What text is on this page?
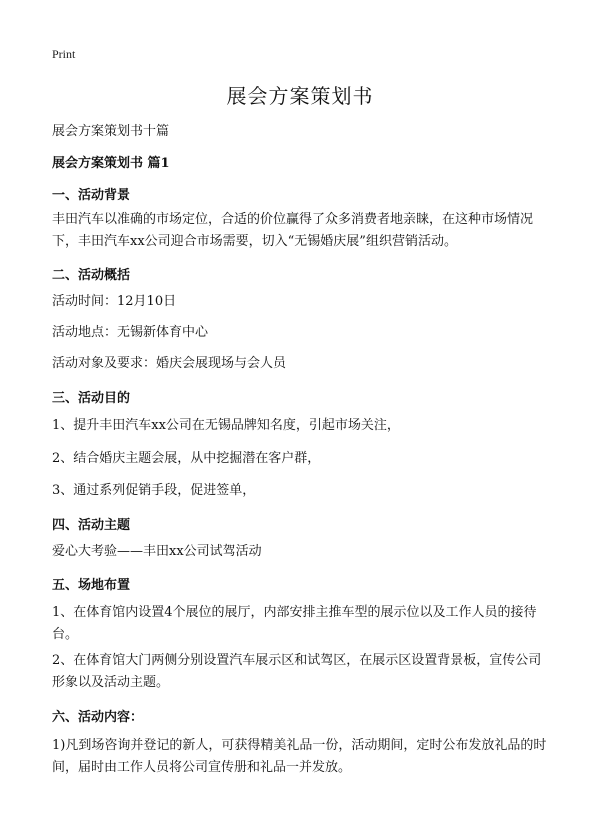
Print
展会方案策划书
展会方案策划书十篇
展会方案策划书 篇1
一、活动背景
丰田汽车以准确的市场定位，合适的价位赢得了众多消费者地亲睐，在这种市场情况下，丰田汽车xx公司迎合市场需要，切入“无锡婚庆展”组织营销活动。
二、活动概括
活动时间：12月10日
活动地点：无锡新体育中心
活动对象及要求：婚庆会展现场与会人员
三、活动目的
1、提升丰田汽车xx公司在无锡品牌知名度，引起市场关注，
2、结合婚庆主题会展，从中挖掘潜在客户群，
3、通过系列促销手段，促进签单，
四、活动主题
爱心大考验——丰田xx公司试驾活动
五、场地布置
1、在体育馆内设置4个展位的展厅，内部安排主推车型的展示位以及工作人员的接待台。
2、在体育馆大门两侧分别设置汽车展示区和试驾区，在展示区设置背景板，宣传公司形象以及活动主题。
六、活动内容：
1)凡到场咨询并登记的新人，可获得精美礼品一份，活动期间，定时公布发放礼品的时间，届时由工作人员将公司宣传册和礼品一并发放。
